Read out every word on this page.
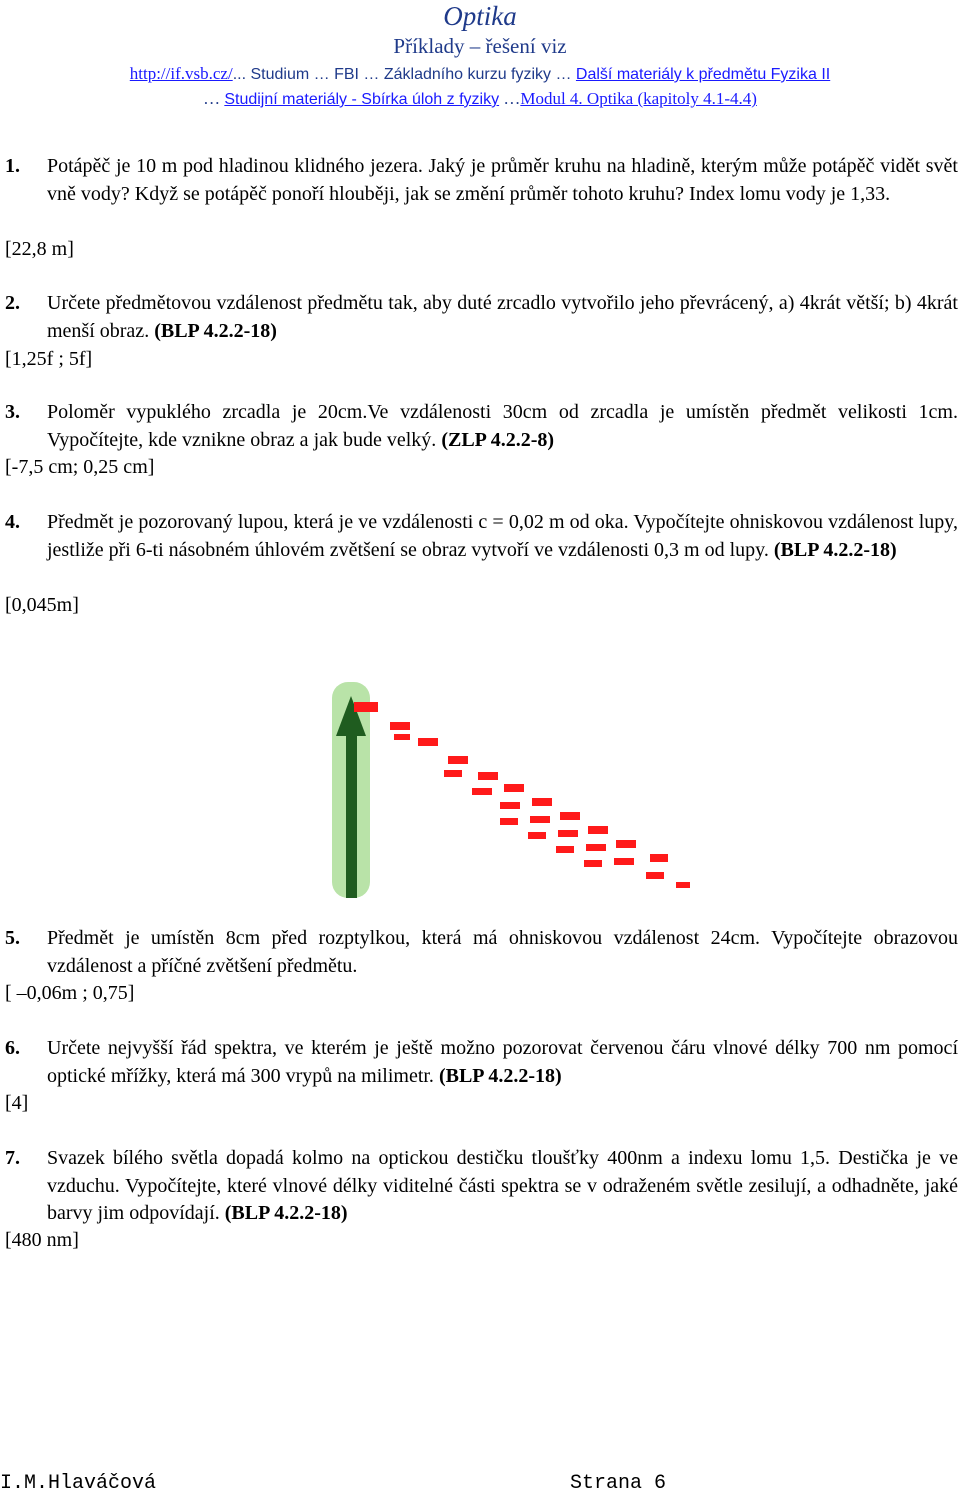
Optika
Příklady – řešení viz
http://if.vsb.cz/... Studium … FBI … Základního kurzu fyziky … Další materiály k předmětu Fyzika II
… Studijní materiály - Sbírka úloh z fyziky …Modul 4. Optika (kapitoly 4.1-4.4)
1. Potápěč je 10 m pod hladinou klidného jezera. Jaký je průměr kruhu na hladině, kterým může potápěč vidět svět vně vody? Když se potápěč ponoří hlouběji, jak se změní průměr tohoto kruhu? Index lomu vody je 1,33.
[22,8 m]
2. Určete předmětovou vzdálenost předmětu tak, aby duté zrcadlo vytvořilo jeho převrácený, a) 4krát větší; b) 4krát menší obraz. (BLP 4.2.2-18)
[1,25f ; 5f]
3. Poloměr vypuklého zrcadla je 20cm.Ve vzdálenosti 30cm od zrcadla je umístěn předmět velikosti 1cm. Vypočítejte, kde vznikne obraz a jak bude velký. (ZLP 4.2.2-8)
[-7,5 cm; 0,25 cm]
4. Předmět je pozorovaný lupou, která je ve vzdálenosti c = 0,02 m od oka. Vypočítejte ohniskovou vzdálenost lupy, jestliže při 6-ti násobném úhlovém zvětšení se obraz vytvoří ve vzdálenosti 0,3 m od lupy. (BLP 4.2.2-18)
[0,045m]
5. Předmět je umístěn 8cm před rozptylkou, která má ohniskovou vzdálenost 24cm. Vypočítejte obrazovou vzdálenost a příčné zvětšení předmětu.
[ –0,06m ; 0,75]
6. Určete nejvyšší řád spektra, ve kterém je ještě možno pozorovat červenou čáru vlnové délky 700 nm pomocí optické mřížky, která má 300 vrypů na milimetr. (BLP 4.2.2-18)
[4]
7. Svazek bílého světla dopadá kolmo na optickou destičku tloušťky 400nm a indexu lomu 1,5. Destička je ve vzduchu. Vypočítejte, které vlnové délky viditelné části spektra se v odraženém světle zesilují, a odhadněte, jaké barvy jim odpovídají. (BLP 4.2.2-18)
[480 nm]
I.M.Hlaváčová	Strana 6
